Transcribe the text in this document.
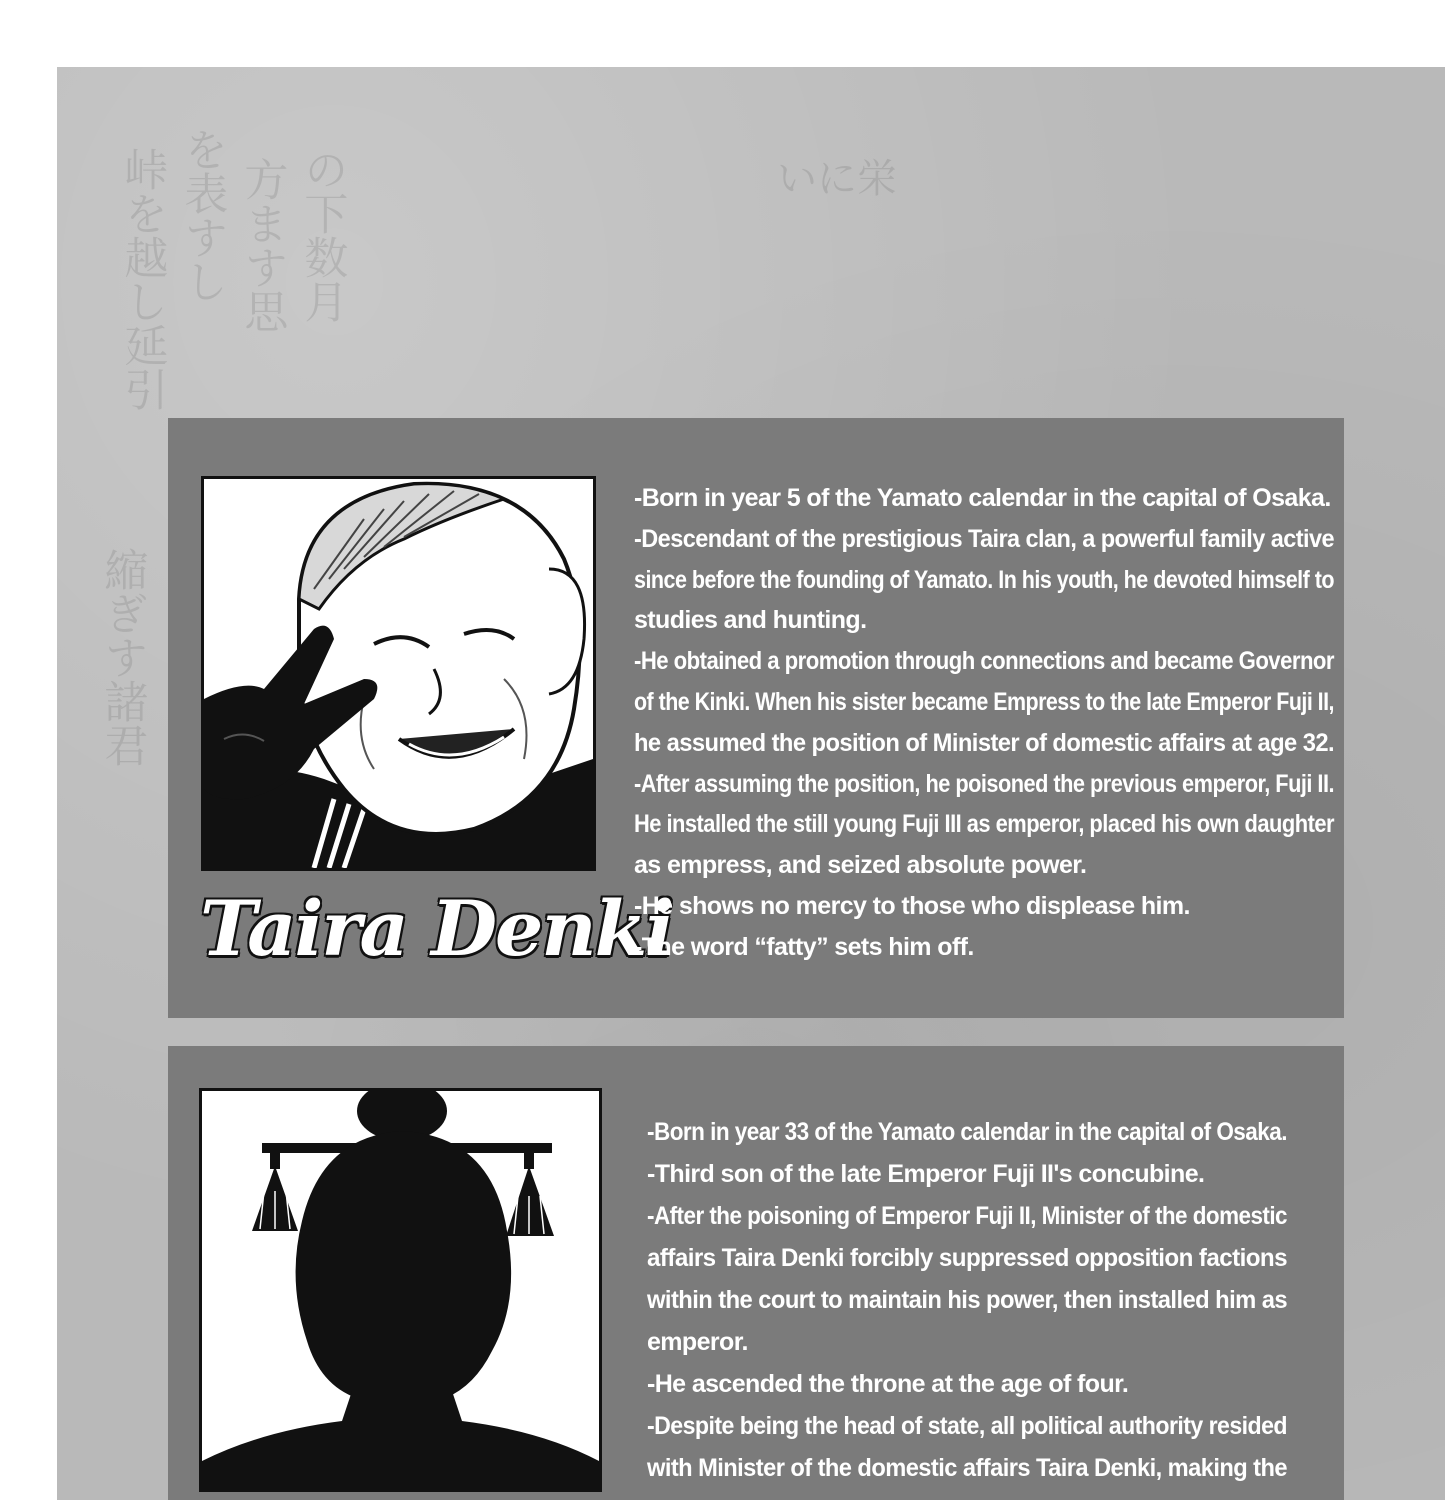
峠を越し延引 を表すし 方ます思 の下数月
縮ぎす諸君
いに栄
Taira Denki
-Born in year 5 of the Yamato calendar in the capital of Osaka.
-Descendant of the prestigious Taira clan, a powerful family active
since before the founding of Yamato. In his youth, he devoted himself to
studies and hunting.
-He obtained a promotion through connections and became Governor
of the Kinki. When his sister became Empress to the late Emperor Fuji II,
he assumed the position of Minister of domestic affairs at age 32.
-After assuming the position, he poisoned the previous emperor, Fuji II.
He installed the still young Fuji III as emperor, placed his own daughter
as empress, and seized absolute power.
-He shows no mercy to those who displease him.
-The word “fatty” sets him off.
-Born in year 33 of the Yamato calendar in the capital of Osaka.
-Third son of the late Emperor Fuji II's concubine.
-After the poisoning of Emperor Fuji II, Minister of the domestic
affairs Taira Denki forcibly suppressed opposition factions
within the court to maintain his power, then installed him as
emperor.
-He ascended the throne at the age of four.
-Despite being the head of state, all political authority resided
with Minister of the domestic affairs Taira Denki, making the
